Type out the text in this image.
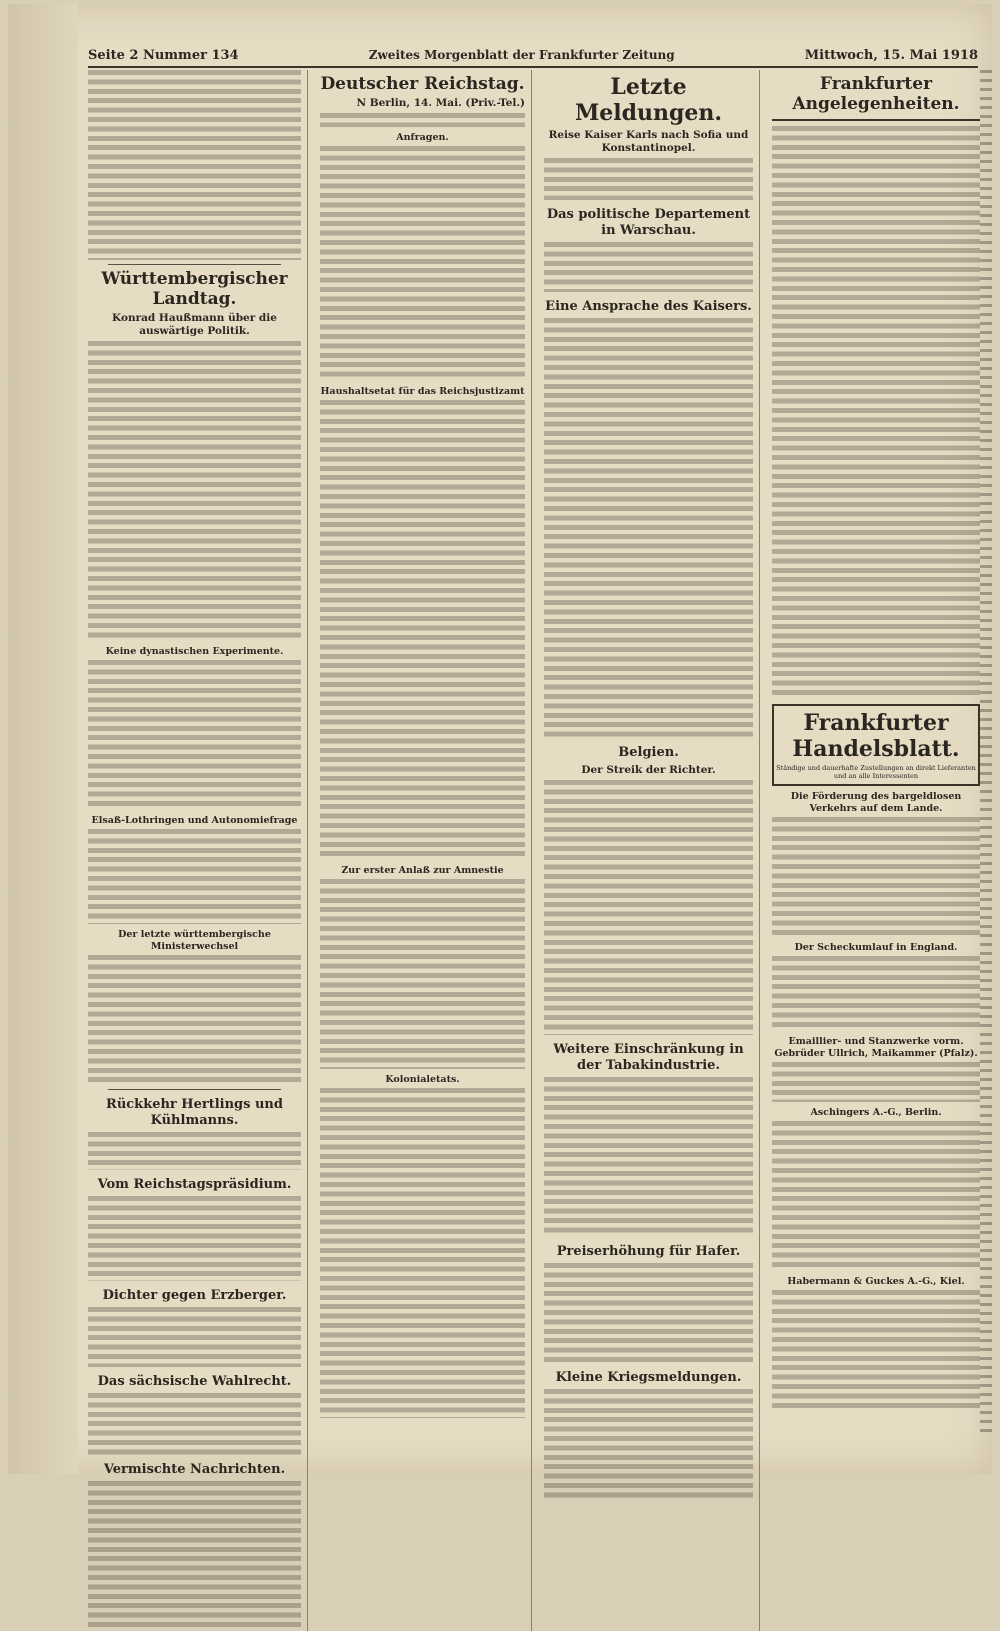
Seite 2 Nummer 134	Zweites Morgenblatt der Frankfurter Zeitung	Mittwoch, 15. Mai 1918
Württembergischer Landtag.
Konrad Haußmann über die auswärtige Politik.
Keine dynastischen Experimente.
Elsaß-Lothringen und Autonomiefrage
Der letzte württembergische Ministerwechsel
Rückkehr Hertlings und Kühlmanns.
Vom Reichstagspräsidium.
Dichter gegen Erzberger.
Das sächsische Wahlrecht.
Vermischte Nachrichten.
Deutscher Reichstag.
N Berlin, 14. Mai. (Priv.-Tel.)
Anfragen.
Haushaltsetat für das Reichsjustizamt
Zur erster Anlaß zur Amnestie
Kolonialetats.
Letzte Meldungen.
Reise Kaiser Karls nach Sofia und Konstantinopel.
Das politische Departement in Warschau.
Eine Ansprache des Kaisers.
Belgien.
Der Streik der Richter.
Weitere Einschränkung in der Tabakindustrie.
Preiserhöhung für Hafer.
Kleine Kriegsmeldungen.
Frankfurter Angelegenheiten.
Frankfurter Handelsblatt.
Ständige und dauerhafte Zustellungen an direkt Lieferanten und an alle Interessenten
Die Förderung des bargeldlosen Verkehrs auf dem Lande.
Der Scheckumlauf in England.
Emaillier- und Stanzwerke vorm. Gebrüder Ullrich, Maikammer (Pfalz).
Aschingers A.-G., Berlin.
Habermann & Guckes A.-G., Kiel.
